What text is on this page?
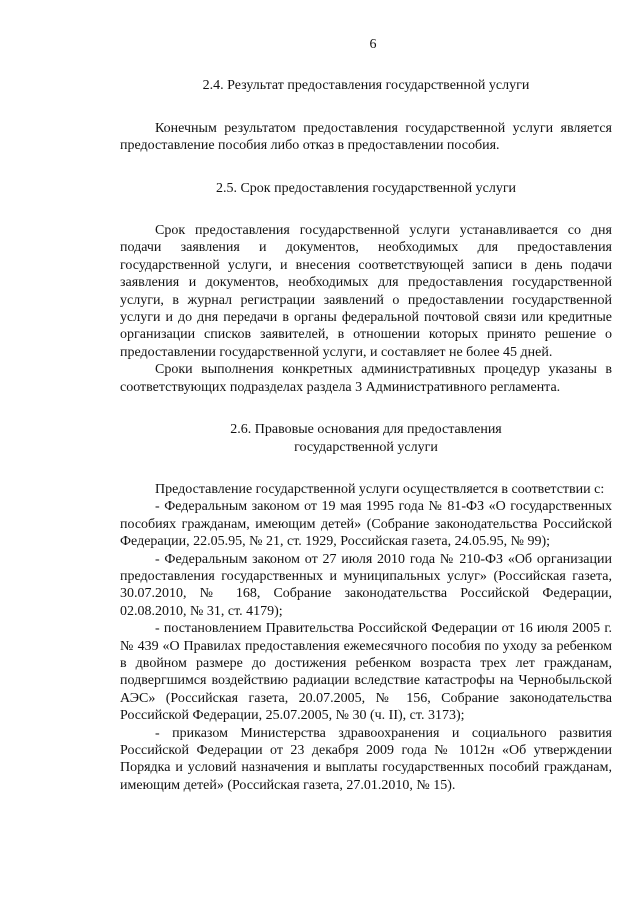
6
2.4. Результат предоставления государственной услуги

Конечным результатом предоставления государственной услуги является предоставление пособия либо отказ в предоставлении пособия.

2.5. Срок предоставления государственной услуги

Срок предоставления государственной услуги устанавливается со дня подачи заявления и документов, необходимых для предоставления государственной услуги, и внесения соответствующей записи в день подачи заявления и документов, необходимых для предоставления государственной услуги, в журнал регистрации заявлений о предоставлении государственной услуги и до дня передачи в органы федеральной почтовой связи или кредитные организации списков заявителей, в отношении которых принято решение о предоставлении государственной услуги, и составляет не более 45 дней.

Сроки выполнения конкретных административных процедур указаны в соответствующих подразделах раздела 3 Административного регламента.

2.6. Правовые основания для предоставления
государственной услуги

Предоставление государственной услуги осуществляется в соответствии с:

- Федеральным законом от 19 мая 1995 года № 81-ФЗ «О государственных пособиях гражданам, имеющим детей» (Собрание законодательства Российской Федерации, 22.05.95, № 21, ст. 1929, Российская газета, 24.05.95, № 99);

- Федеральным законом от 27 июля 2010 года № 210-ФЗ «Об организации предоставления государственных и муниципальных услуг» (Российская газета, 30.07.2010, № 168, Собрание законодательства Российской Федерации, 02.08.2010, № 31, ст. 4179);

- постановлением Правительства Российской Федерации от 16 июля 2005 г. № 439 «О Правилах предоставления ежемесячного пособия по уходу за ребенком в двойном размере до достижения ребенком возраста трех лет гражданам, подвергшимся воздействию радиации вследствие катастрофы на Чернобыльской АЭС» (Российская газета, 20.07.2005, № 156, Собрание законодательства Российской Федерации, 25.07.2005, № 30 (ч. II), ст. 3173);

- приказом Министерства здравоохранения и социального развития Российской Федерации от 23 декабря 2009 года № 1012н «Об утверждении Порядка и условий назначения и выплаты государственных пособий гражданам, имеющим детей» (Российская газета, 27.01.2010, № 15).
